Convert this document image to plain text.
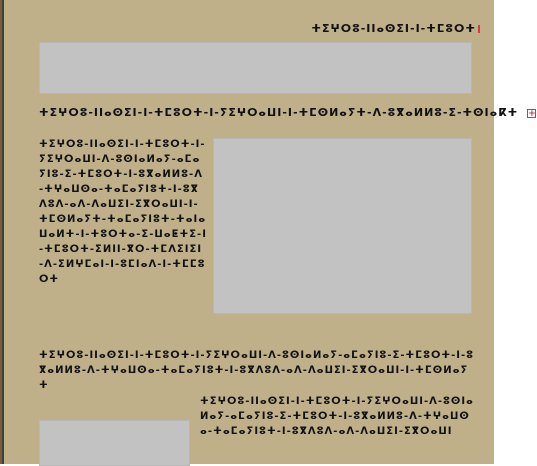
ⵜⵉⵖⵔⵓ-ⵏⵏⴰⵙⵉⵏ-ⵏ-ⵜⵎⵓⵔⵜ
ⵜⵉⵖⵔⵓ-ⵏⵏⴰⵙⵉⵏ-ⵏ-ⵜⵎⵓⵔⵜ-ⵏ-ⵢⵉⵖⵔⴰⵡⵏ-ⵏ-ⵜⵎⵙⵍⴰⵢⵜ-ⴷ-ⵓⴳⴰⵍⵍⵓ-ⵉ-ⵜⵙⵏⴰⴽⵜ +
ⵜⵉⵖⵔⵓ-ⵏⵏⴰⵙⵉⵏ-ⵏ-ⵜⵎⵓⵔⵜ-ⵏ-ⵢⵉⵖⵔⴰⵡⵏ-ⴷ-ⵓⵙⵏⴰⵍⴰⵢ-ⴰⵎⴰⵢⵏⵓ-ⵉ-ⵜⵎⵓⵔⵜ-ⵏ-ⵓⴳⴰⵍⵍⵓ-ⴷ-ⵜⵖⴰⵡⵙⴰ-ⵜⴰⵎⴰⵢⵏⵓⵜ-ⵏ-ⵓⴳⴷⵓⴷ-ⴰⴷ-ⴷⴰⵡⵉⵏ-ⵉⴳⵔⴰⵡⵏ-ⵏ-ⵜⵎⵙⵍⴰⵢⵜ-ⵜⴰⵎⴰⵢⵏⵓⵜ-ⵜⴰⵏⴰⵡⴰⵍⵜ-ⵏ-ⵜⵓⵔⵜⴰ-ⵉ-ⵡⴰⵟⵜⵉ-ⵏ-ⵜⵎⵓⵔⵜ-ⵉⵍⵏⵏ-ⴳⵔ-ⵜⵎⴷⵉⵏⵉⵏ-ⴷ-ⵉⵍⵖⵎⴰⵏ-ⵏ-ⵓⵎⵏⴰⴷ-ⵏ-ⵜⵎⵎⵓⵔⵜ
ⵜⵉⵖⵔⵓ-ⵏⵏⴰⵙⵉⵏ-ⵏ-ⵜⵎⵓⵔⵜ-ⵏ-ⵢⵉⵖⵔⴰⵡⵏ-ⴷ-ⵓⵙⵏⴰⵍⴰⵢ-ⴰⵎⴰⵢⵏⵓ-ⵉ-ⵜⵎⵓⵔⵜ-ⵏ-ⵓⴳⴰⵍⵍⵓ-ⴷ-ⵜⵖⴰⵡⵙⴰ-ⵜⴰⵎⴰⵢⵏⵓⵜ-ⵏ-ⵓⴳⴷⵓⴷ-ⴰⴷ-ⴷⴰⵡⵉⵏ-ⵉⴳⵔⴰⵡⵏ-ⵏ-ⵜⵎⵙⵍⴰⵢⵜ
ⵜⵉⵖⵔⵓ-ⵏⵏⴰⵙⵉⵏ-ⵏ-ⵜⵎⵓⵔⵜ-ⵏ-ⵢⵉⵖⵔⴰⵡⵏ-ⴷ-ⵓⵙⵏⴰⵍⴰⵢ-ⴰⵎⴰⵢⵏⵓ-ⵉ-ⵜⵎⵓⵔⵜ-ⵏ-ⵓⴳⴰⵍⵍⵓ-ⴷ-ⵜⵖⴰⵡⵙⴰ-ⵜⴰⵎⴰⵢⵏⵓⵜ-ⵏ-ⵓⴳⴷⵓⴷ-ⴰⴷ-ⴷⴰⵡⵉⵏ-ⵉⴳⵔⴰⵡⵏ
